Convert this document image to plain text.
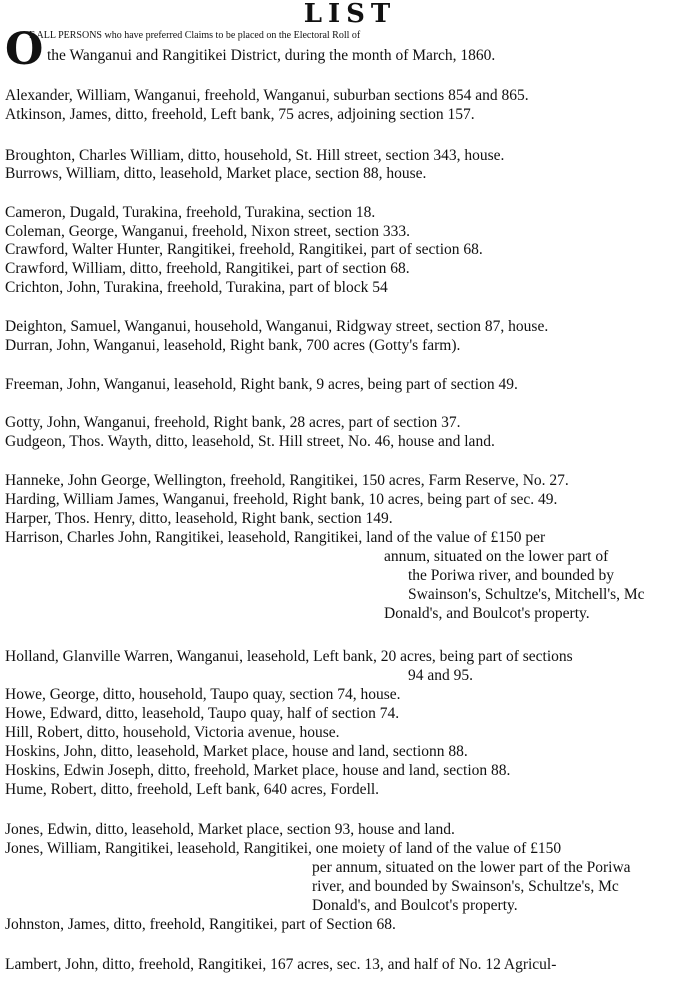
LIST
O
F ALL PERSONS who have preferred Claims to be placed on the Electoral Roll of
the Wanganui and Rangitikei District, during the month of March, 1860.

Alexander, William, Wanganui, freehold, Wanganui, suburban sections 854 and 865.

Atkinson, James, ditto, freehold, Left bank, 75 acres, adjoining section 157.

Broughton, Charles William, ditto, household, St. Hill street, section 343, house.

Burrows, William, ditto, leasehold, Market place, section 88, house.

Cameron, Dugald, Turakina, freehold, Turakina, section 18.

Coleman, George, Wanganui, freehold, Nixon street, section 333.

Crawford, Walter Hunter, Rangitikei, freehold, Rangitikei, part of section 68.

Crawford, William, ditto, freehold, Rangitikei, part of section 68.

Crichton, John, Turakina, freehold, Turakina, part of block 54

Deighton, Samuel, Wanganui, household, Wanganui, Ridgway street, section 87, house.

Durran, John, Wanganui, leasehold, Right bank, 700 acres (Gotty's farm).

Freeman, John, Wanganui, leasehold, Right bank, 9 acres, being part of section 49.

Gotty, John, Wanganui, freehold, Right bank, 28 acres, part of section 37.

Gudgeon, Thos. Wayth, ditto, leasehold, St. Hill street, No. 46, house and land.

Hanneke, John George, Wellington, freehold, Rangitikei, 150 acres, Farm Reserve, No. 27.

Harding, William James, Wanganui, freehold, Right bank, 10 acres, being part of sec. 49.

Harper, Thos. Henry, ditto, leasehold, Right bank, section 149.

Harrison, Charles John, Rangitikei, leasehold, Rangitikei, land of the value of £150 per

annum, situated on the lower part of
the Poriwa river, and bounded by
Swainson's, Schultze's, Mitchell's, Mc
Donald's, and Boulcot's property.

Holland, Glanville Warren, Wanganui, leasehold, Left bank, 20 acres, being part of sections

94 and 95.

Howe, George, ditto, household, Taupo quay, section 74, house.

Howe, Edward, ditto, leasehold, Taupo quay, half of section 74.

Hill, Robert, ditto, household, Victoria avenue, house.

Hoskins, John, ditto, leasehold, Market place, house and land, sectionn 88.

Hoskins, Edwin Joseph, ditto, freehold, Market place, house and land, section 88.

Hume, Robert, ditto, freehold, Left bank, 640 acres, Fordell.

Jones, Edwin, ditto, leasehold, Market place, section 93, house and land.

Jones, William, Rangitikei, leasehold, Rangitikei, one moiety of land of the value of £150

per annum, situated on the lower part of the Poriwa
river, and bounded by Swainson's, Schultze's, Mc
Donald's, and Boulcot's property.

Johnston, James, ditto, freehold, Rangitikei, part of Section 68.

Lambert, John, ditto, freehold, Rangitikei, 167 acres, sec. 13, and half of No. 12 Agricul-
